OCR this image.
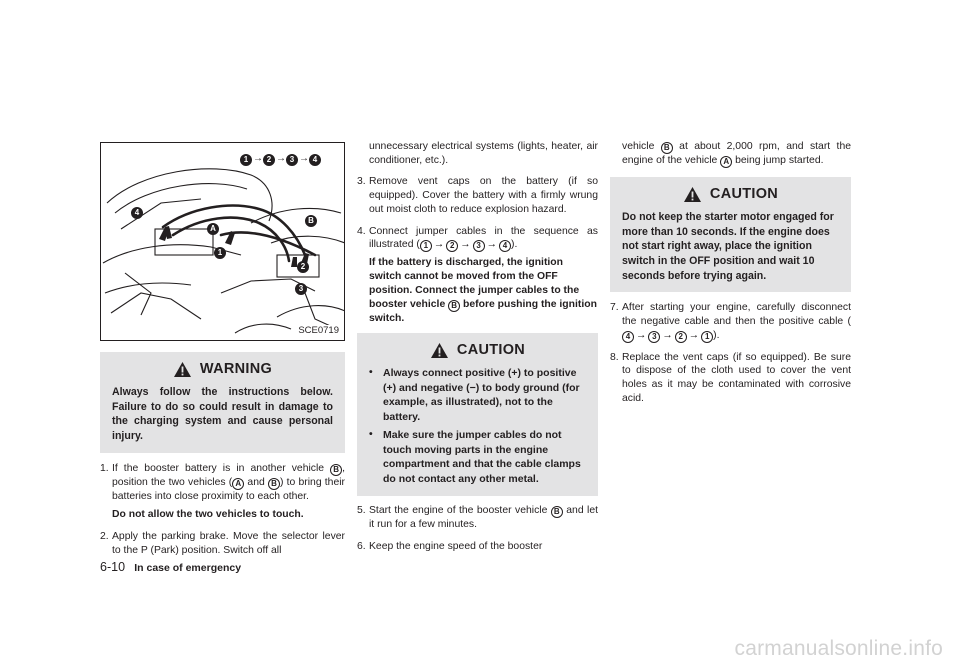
1 → 2 → 3 → 4
4
A
B
1
2
3
SCE0719
WARNING
Always follow the instructions below. Failure to do so could result in damage to the charging system and cause personal injury.
1. If the booster battery is in another vehicle B , position the two vehicles ( A and B ) to bring their batteries into close proximity to each other.

Do not allow the two vehicles to touch.

2. Apply the parking brake. Move the selector lever to the P (Park) position. Switch off all

unnecessary electrical systems (lights, heater, air conditioner, etc.).

3. Remove vent caps on the battery (if so equipped). Cover the battery with a firmly wrung out moist cloth to reduce explosion hazard.
4. Connect jumper cables in the sequence as illustrated ( 1 → 2 → 3 → 4 ).

If the battery is discharged, the ignition switch cannot be moved from the OFF position. Connect the jumper cables to the booster vehicle B before pushing the ignition switch.

CAUTION
• Always connect positive (+) to positive (+) and negative (−) to body ground (for example, as illustrated), not to the battery.
• Make sure the jumper cables do not touch moving parts in the engine compartment and that the cable clamps do not contact any other metal.
5. Start the engine of the booster vehicle B and let it run for a few minutes.
6. Keep the engine speed of the booster

vehicle B at about 2,000 rpm, and start the engine of the vehicle A being jump started.

CAUTION
Do not keep the starter motor engaged for more than 10 seconds. If the engine does not start right away, place the ignition switch in the OFF position and wait 10 seconds before trying again.
7. After starting your engine, carefully disconnect the negative cable and then the positive cable (4 → 3 → 2 → 1 ).
8. Replace the vent caps (if so equipped). Be sure to dispose of the cloth used to cover the vent holes as it may be contaminated with corrosive acid.
6-10 In case of emergency
carmanualsonline.info
